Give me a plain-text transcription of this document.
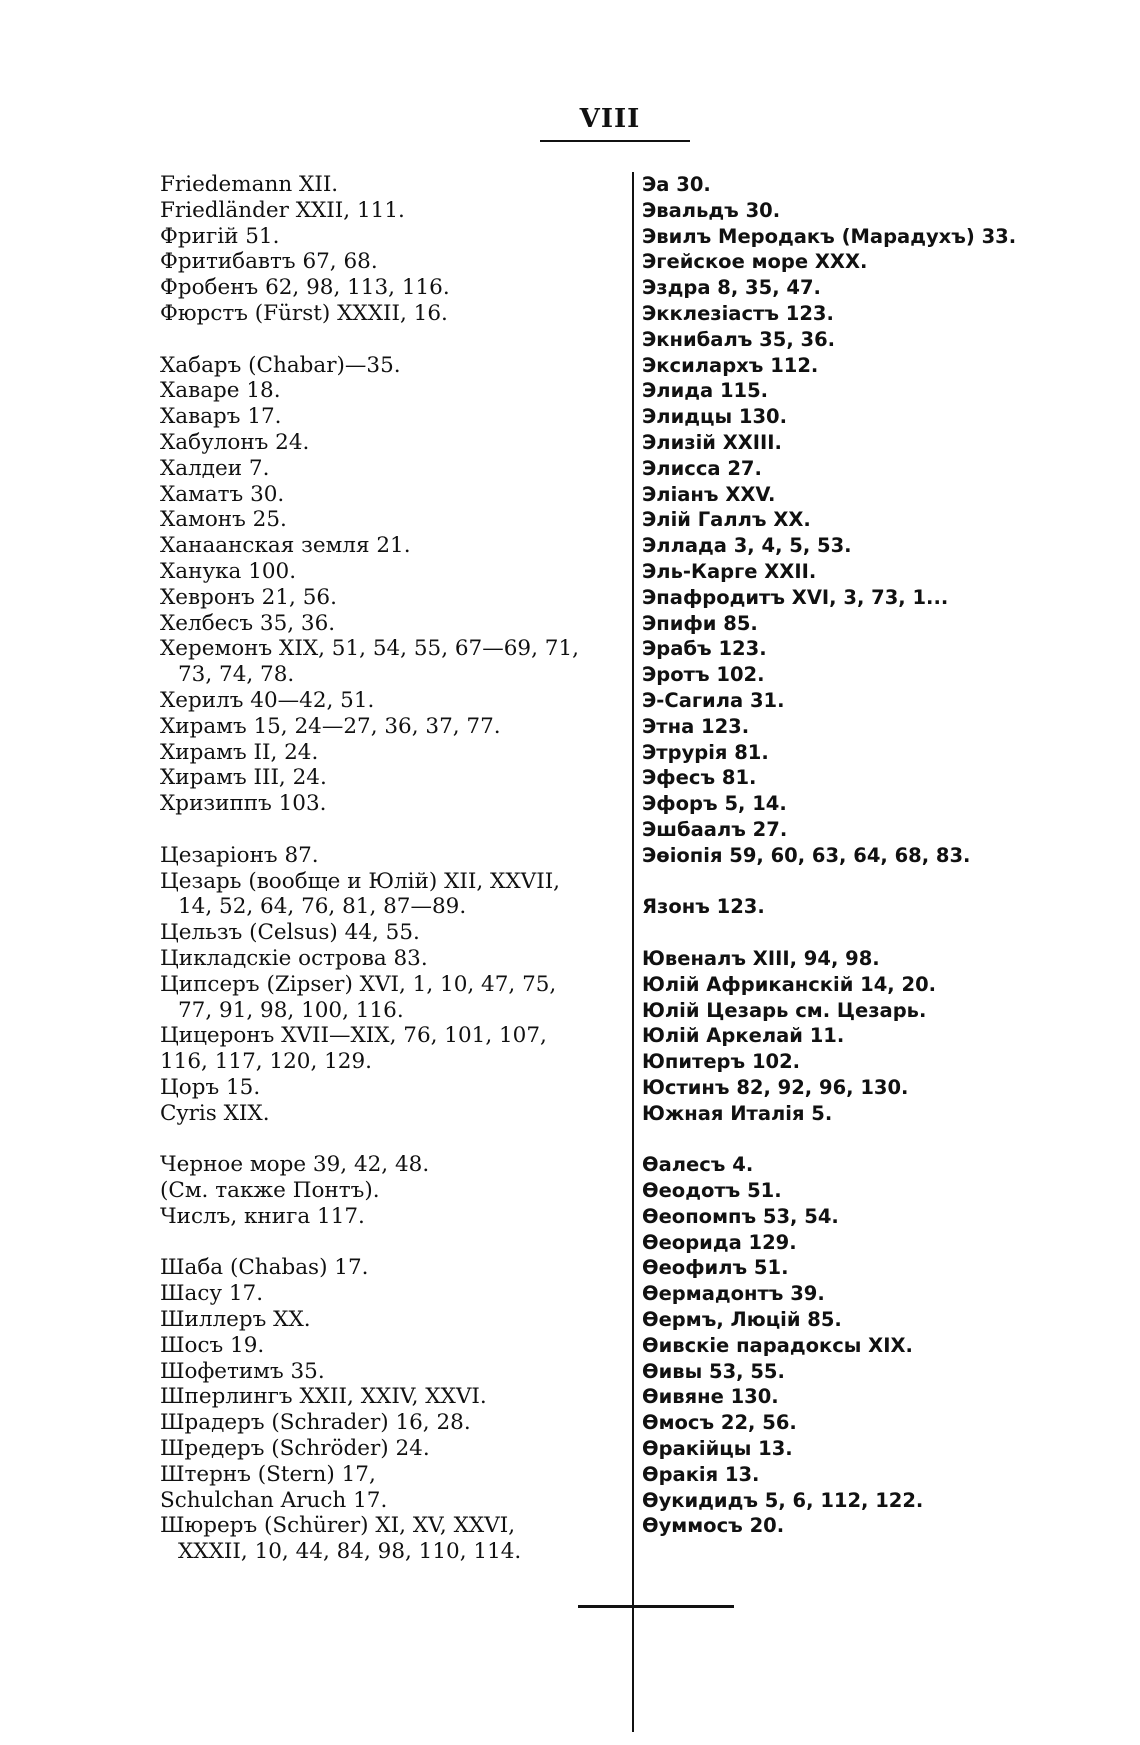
VIII
Friedemann XII.
Friedländer XXII, 111.
Фригій 51.
Фритибавтъ 67, 68.
Фробенъ 62, 98, 113, 116.
Фюрстъ (Fürst) XXXII, 16.
Хабаръ (Chabar)—35.
Хаваре 18.
Хаваръ 17.
Хабулонъ 24.
Халдеи 7.
Хаматъ 30.
Хамонъ 25.
Ханаанская земля 21.
Ханука 100.
Хевронъ 21, 56.
Хелбесъ 35, 36.
Херемонъ XIX, 51, 54, 55, 67—69, 71,
73, 74, 78.
Херилъ 40—42, 51.
Хирамъ 15, 24—27, 36, 37, 77.
Хирамъ II, 24.
Хирамъ III, 24.
Хризиппъ 103.
Цезаріонъ 87.
Цезарь (вообще и Юлій) XII, XXVII,
14, 52, 64, 76, 81, 87—89.
Цельзъ (Celsus) 44, 55.
Цикладскіе острова 83.
Ципсеръ (Zipser) XVI, 1, 10, 47, 75,
77, 91, 98, 100, 116.
Цицеронъ XVII—XIX, 76, 101, 107,
116, 117, 120, 129.
Цоръ 15.
Cyris XIX.
Черное море 39, 42, 48.
(См. также Понтъ).
Числъ, книга 117.
Шаба (Chabas) 17.
Шасу 17.
Шиллеръ XX.
Шосъ 19.
Шофетимъ 35.
Шперлингъ XXII, XXIV, XXVI.
Шрадеръ (Schrader) 16, 28.
Шредеръ (Schröder) 24.
Штернъ (Stern) 17,
Schulchan Aruch 17.
Шюреръ (Schürer) XI, XV, XXVI,
XXXII, 10, 44, 84, 98, 110, 114.
Эа 30.
Эвальдъ 30.
Эвилъ Меродакъ (Марадухъ) 33.
Эгейское море XXX.
Эздра 8, 35, 47.
Экклезіастъ 123.
Экнибалъ 35, 36.
Эксилархъ 112.
Элида 115.
Элидцы 130.
Элизій XXIII.
Элисса 27.
Эліанъ XXV.
Элій Галлъ XX.
Эллада 3, 4, 5, 53.
Эль-Карге XXII.
Эпафродитъ XVI, 3, 73, 1...
Эпифи 85.
Эрабъ 123.
Эротъ 102.
Э-Сагила 31.
Этна 123.
Этрурія 81.
Эфесъ 81.
Эфоръ 5, 14.
Эшбаалъ 27.
Эѳіопія 59, 60, 63, 64, 68, 83.
Язонъ 123.
Ювеналъ XIII, 94, 98.
Юлій Африканскій 14, 20.
Юлій Цезарь см. Цезарь.
Юлій Аркелай 11.
Юпитеръ 102.
Юстинъ 82, 92, 96, 130.
Южная Италія 5.
Ѳалесъ 4.
Ѳеодотъ 51.
Ѳеопомпъ 53, 54.
Ѳеорида 129.
Ѳеофилъ 51.
Ѳермадонтъ 39.
Ѳермъ, Люцій 85.
Ѳивскіе парадоксы XIX.
Ѳивы 53, 55.
Ѳивяне 130.
Ѳмосъ 22, 56.
Ѳракійцы 13.
Ѳракія 13.
Ѳукидидъ 5, 6, 112, 122.
Ѳуммосъ 20.
